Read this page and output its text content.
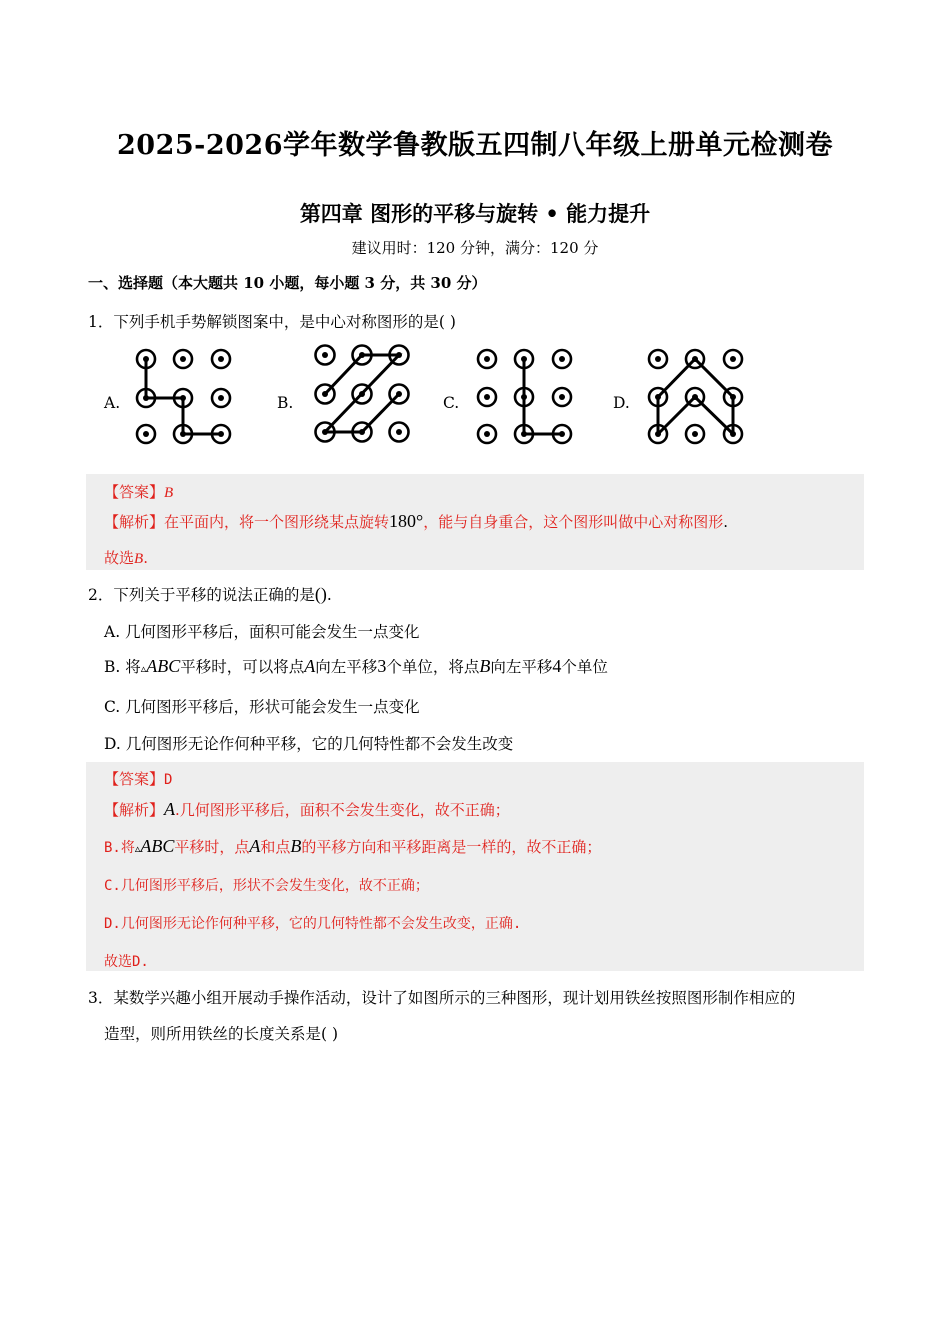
2025-2026学年数学鲁教版五四制八年级上册单元检测卷
第四章 图形的平移与旋转 • 能力提升
建议用时：120 分钟，满分：120 分
一、选择题（本大题共 10 小题，每小题 3 分，共 30 分）
1．下列手机手势解锁图案中，是中心对称图形的是( )
A.	B.	C.	D.
【答案】B
【解析】在平面内，将一个图形绕某点旋转180°，能与自身重合，这个图形叫做中心对称图形.
故选B.
2．下列关于平移的说法正确的是().
A. 几何图形平移后，面积可能会发生一点变化
B. 将▵ABC平移时，可以将点A向左平移3个单位，将点B向左平移4个单位
C. 几何图形平移后，形状可能会发生一点变化
D. 几何图形无论作何种平移，它的几何特性都不会发生改变
【答案】D
【解析】A.几何图形平移后，面积不会发生变化，故不正确；
B.将▵ABC平移时，点A和点B的平移方向和平移距离是一样的，故不正确；
C.几何图形平移后，形状不会发生变化，故不正确；
D.几何图形无论作何种平移，它的几何特性都不会发生改变，正确.
故选D.
3．某数学兴趣小组开展动手操作活动，设计了如图所示的三种图形，现计划用铁丝按照图形制作相应的
造型，则所用铁丝的长度关系是( )
